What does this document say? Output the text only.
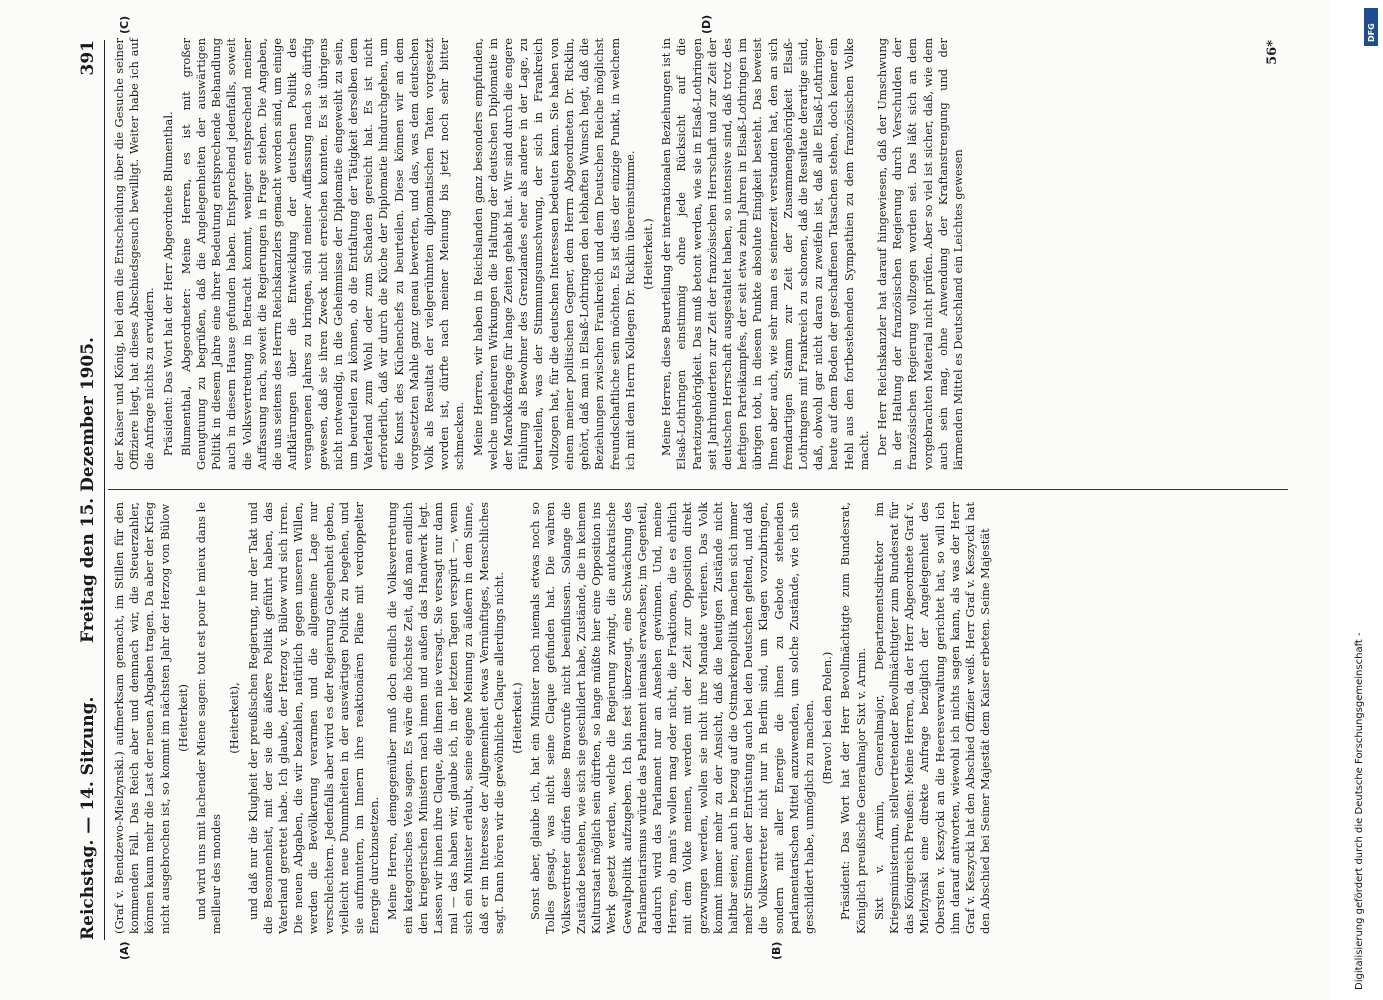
Reichstag. — 14. Sitzung.
Freitag den 15. Dezember 1905.
391
(A)	(B)
(C)	(D)

(Graf v. Bendzewo-Mielzynski.) aufmerksam gemacht, im Stillen für den kommenden Fall. Das Reich aber und demnach wir, die Steuerzahler, können kaum mehr die Last der neuen Abgaben tragen. Da aber der Krieg nicht ausgebrochen ist, so kommt im nächsten Jahr der Herzog von Bülow (Heiterkeit) und wird uns mit lachender Miene sagen: tout est pour le mieux dans le meilleur des mondes

(Heiterkeit), und daß nur die Klugheit der preußischen Regierung, nur der Takt und die Besonnenheit, mit der sie die äußere Politik geführt haben, das Vaterland gerettet habe. Ich glaube, der Herzog v. Bülow wird sich irren. Die neuen Abgaben, die wir bezahlen, natürlich gegen unseren Willen, werden die Bevölkerung verarmen und die allgemeine Lage nur verschlechtern. Jedenfalls aber wird es der Regierung Gelegenheit geben, vielleicht neue Dummheiten in der auswärtigen Politik zu begehen, und sie aufmuntern, im Innern ihre reaktionären Pläne mit verdoppelter Energie durchzusetzen. Meine Herren, demgegenüber muß doch endlich die Volksvertretung ein kategorisches Veto sagen. Es wäre die höchste Zeit, daß man endlich den kriegerischen Ministern nach innen und außen das Handwerk legt. Lassen wir ihnen ihre Claque, die ihnen nie versagt. Sie versagt nur dann mal — das haben wir, glaube ich, in der letzten Tagen verspürt —, wenn sich ein Minister erlaubt, seine eigene Meinung zu äußern in dem Sinne, daß er im Interesse der Allgemeinheit etwas Vernünftiges, Menschliches sagt. Dann hören wir die gewöhnliche Claque allerdings nicht. (Heiterkeit.) Sonst aber, glaube ich, hat ein Minister noch niemals etwas noch so Tolles gesagt, was nicht seine Claque gefunden hat. Die wahren Volksvertreter dürfen diese Bravorufe nicht beeinflussen. Solange die Zustände bestehen, wie sich sie geschildert habe, Zustände, die in keinem Kulturstaat möglich sein dürften, so lange müßte hier eine Opposition ins Werk gesetzt werden, welche die Regierung zwingt, die autokratische Gewaltpolitik aufzugeben. Ich bin fest überzeugt, eine Schwächung des Parlamentarismus würde das Parlament niemals erwachsen; im Gegenteil, dadurch wird das Parlament nur an Ansehen gewinnen. Und, meine Herren, ob man's wollen mag oder nicht, die Fraktionen, die es ehrlich mit dem Volke meinen, werden mit der Zeit zur Opposition direkt gezwungen werden, wollen sie nicht ihre Mandate verlieren. Das Volk kommt immer mehr zu der Ansicht, daß die heutigen Zustände nicht haltbar seien; auch in bezug auf die Ostmarkenpolitik machen sich immer mehr Stimmen der Entrüstung auch bei den Deutschen geltend, und daß die Volksvertreter nicht nur in Berlin sind, um Klagen vorzubringen, sondern mit aller Energie die ihnen zu Gebote stehenden parlamentarischen Mittel anzuwenden, um solche Zustände, wie ich sie geschildert habe, unmöglich zu machen. (Bravo! bei den Polen.) Präsident: Das Wort hat der Herr Bevollmächtigte zum Bundesrat, Königlich preußische Generalmajor Sixt v. Armin. Sixt v. Armin, Generalmajor, Departementsdirektor im Kriegsministerium, stellvertretender Bevollmächtigter zum Bundesrat für das Königreich Preußen: Meine Herren, da der Herr Abgeordnete Graf v. Mielzynski eine direkte Anfrage bezüglich der Angelegenheit des Obersten v. Keszycki an die Heeresverwaltung gerichtet hat, so will ich ihm darauf antworten, wiewohl ich nichts sagen kann, als was der Herr Graf v. Keszycki hat den Abschied Offizier weiß. Herr Graf v. Keszycki hat den Abschied bei Seiner Majestät dem Kaiser erbeten. Seine Majestät

der Kaiser und König, bei dem die Entscheidung über die Gesuche seiner Offiziere liegt, hat dieses Abschiedsgesuch bewilligt. Weiter habe ich auf die Anfrage nichts zu erwidern. Präsident: Das Wort hat der Herr Abgeordnete Blumenthal. Blumenthal, Abgeordneter: Meine Herren, es ist mit großer Genugtuung zu begrüßen, daß die Angelegenheiten der auswärtigen Politik in diesem Jahre eine ihrer Bedeutung entsprechende Behandlung auch in diesem Hause gefunden haben. Entsprechend jedenfalls, soweit die Volksvertretung in Betracht kommt, weniger entsprechend meiner Auffassung nach, soweit die Regierungen in Frage stehen. Die Angaben, die uns seitens des Herrn Reichskanzlers gemacht worden sind, um einige Aufklärungen über die Entwicklung der deutschen Politik des vergangenen Jahres zu bringen, sind meiner Auffassung nach so dürftig gewesen, daß sie ihren Zweck nicht erreichen konnten. Es ist übrigens nicht notwendig, in die Geheimnisse der Diplomatie eingeweiht zu sein, um beurteilen zu können, ob die Entfaltung der Tätigkeit derselben dem Vaterland zum Wohl oder zum Schaden gereicht hat. Es ist nicht erforderlich, daß wir durch die Küche der Diplomatie hindurchgehen, um die Kunst des Küchenchefs zu beurteilen. Diese können wir an dem vorgesetzten Mahle ganz genau bewerten, und das, was dem deutschen Volk als Resultat der vielgerühmten diplomatischen Taten vorgesetzt worden ist, dürfte nach meiner Meinung bis jetzt noch sehr bitter schmecken. Meine Herren, wir haben in Reichslanden ganz besonders empfunden, welche ungeheuren Wirkungen die Haltung der deutschen Diplomatie in der Marokkofrage für lange Zeiten gehabt hat. Wir sind durch die engere Fühlung als Bewohner des Grenzlandes eher als andere in der Lage, zu beurteilen, was der Stimmungsumschwung, der sich in Frankreich vollzogen hat, für die deutschen Interessen bedeuten kann. Sie haben von einem meiner politischen Gegner, dem Herrn Abgeordneten Dr. Ricklin, gehört, daß man in Elsaß-Lothringen den lebhaften Wunsch hegt, daß die Beziehungen zwischen Frankreich und dem Deutschen Reiche möglichst freundschaftliche sein möchten. Es ist dies der einzige Punkt, in welchem ich mit dem Herrn Kollegen Dr. Ricklin übereinstimme. (Heiterkeit.) Meine Herren, diese Beurteilung der internationalen Beziehungen ist in Elsaß-Lothringen einstimmig ohne jede Rücksicht auf die Parteizugehörigkeit. Das muß betont werden, wie sie in Elsaß-Lothringen seit Jahrhunderten zur Zeit der französischen Herrschaft und zur Zeit der deutschen Herrschaft ausgestaltet haben, so intensive sind, daß trotz des heftigen Parteikampfes, der seit etwa zehn Jahren in Elsaß-Lothringen im übrigen tobt, in diesem Punkte absolute Einigkeit besteht. Das beweist Ihnen aber auch, wie sehr man es seinerzeit verstanden hat, den an sich fremdartigen Stamm zur Zeit der Zusammengehörigkeit Elsaß-Lothringens mit Frankreich zu schonen, daß die Resultate derartige sind, daß, obwohl gar nicht daran zu zweifeln ist, daß alle Elsaß-Lothringer heute auf dem Boden der geschaffenen Tatsachen stehen, doch keiner ein Hehl aus den fortbestehenden Sympathien zu dem französischen Volke macht. Der Herr Reichskanzler hat darauf hingewiesen, daß der Umschwung in der Haltung der französischen Regierung durch Verschulden der französischen Regierung vollzogen worden sei. Das läßt sich an dem vorgebrachten Material nicht prüfen. Aber so viel ist sicher, daß, wie dem auch sein mag, ohne Anwendung der Kraftanstrengung und der lärmenden Mittel es Deutschland ein Leichtes gewesen

56*
Digitalisierung gefördert durch die Deutsche Forschungsgemeinschaft -
DFG
